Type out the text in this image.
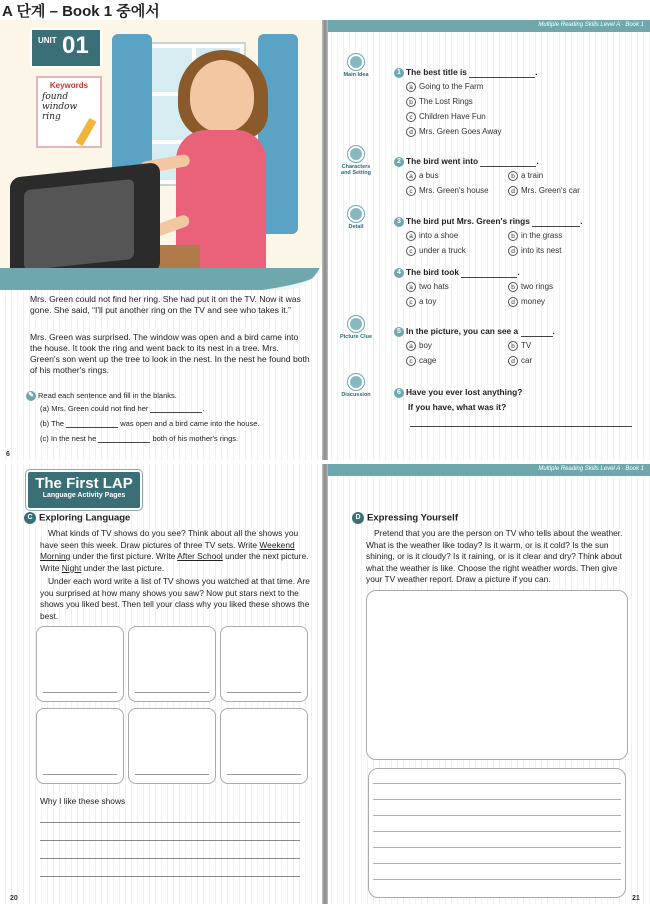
A 단계 – Book 1 중에서
UNIT 01
Keywords
found
window
ring
Mrs. Green could not find her ring. She had put it on the TV. Now it was gone. She said, “I'll put another ring on the TV and see who takes it.”
Mrs. Green was surprised. The window was open and a bird came into the house. It took the ring and went back to its nest in a tree. Mrs. Green's son went up the tree to look in the nest. In the nest he found both of his mother's rings.
✎ Read each sentence and fill in the blanks.
(a) Mrs. Green could not find her	.
(b) The	was open and a bird came into the house.
(c) In the nest he	both of his mother's rings.
6
Multiple Reading Skills Level A · Book 1
Main Idea
Characters and Setting
Detail
Picture Clue
Discussion
1 The best title is	.
a Going to the Farm
b The Lost Rings
c Children Have Fun
d Mrs. Green Goes Away
2 The bird went into	.
a a bus	b a train
c Mrs. Green's house	d Mrs. Green's car
3 The bird put Mrs. Green's rings	.
a into a shoe	b in the grass
c under a truck	d into its nest
4 The bird took	.
a two hats	b two rings
c a toy	d money
5 In the picture, you can see a	.
a boy	b TV
c cage	d car
6 Have you ever lost anything?
If you have, what was it?
The First LAP
Language Activity Pages
C Exploring Language
What kinds of TV shows do you see? Think about all the shows you have seen this week. Draw pictures of three TV sets. Write Weekend Morning under the first picture. Write After School under the next picture. Write Night under the last picture.
Under each word write a list of TV shows you watched at that time. Are you surprised at how many shows you saw? Now put stars next to the shows you liked best. Then tell your class why you liked these shows the best.
Why I like these shows
20
Multiple Reading Skills Level A · Book 1
D Expressing Yourself
Pretend that you are the person on TV who tells about the weather. What is the weather like today? Is it warm, or is it cold? Is the sun shining, or is it cloudy? Is it raining, or is it clear and dry? Think about what the weather is like. Choose the right weather words. Then give your TV weather report. Draw a picture if you can.
21
